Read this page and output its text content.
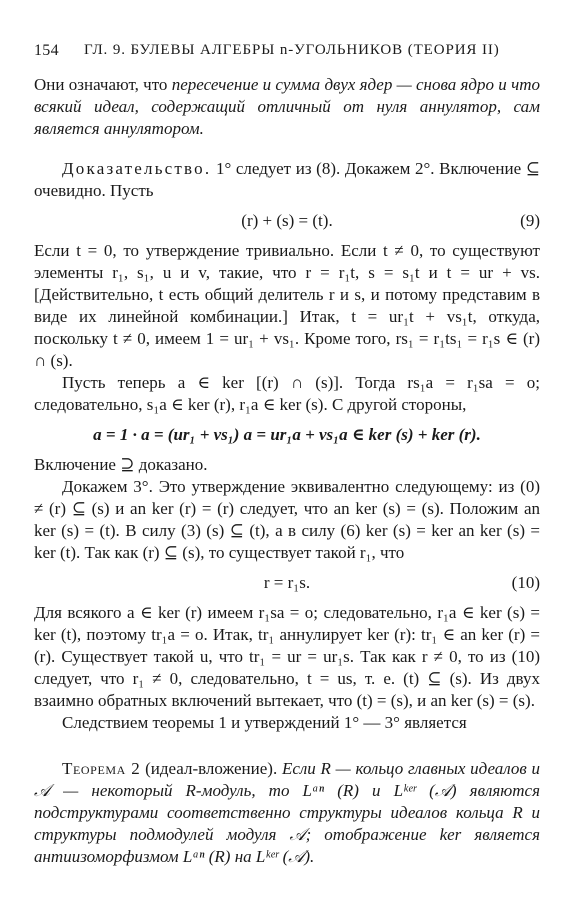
154 ГЛ. 9. БУЛЕВЫ АЛГЕБРЫ n-УГОЛЬНИКОВ (ТЕОРИЯ II)

Они означают, что пересечение и сумма двух ядер — снова ядро и что всякий идеал, содержащий отличный от нуля аннулятор, сам является аннулятором.

Доказательство. 1° следует из (8). Докажем 2°. Включение ⊆ очевидно. Пусть

(r) + (s) = (t).	(9)

Если t = 0, то утверждение тривиально. Если t ≠ 0, то существуют элементы r₁, s₁, u и v, такие, что r = r₁t, s = s₁t и t = ur + vs. [Действительно, t есть общий делитель r и s, и потому представим в виде их линейной комбинации.] Итак, t = ur₁t + vs₁t, откуда, поскольку t ≠ 0, имеем 1 = ur₁ + vs₁. Кроме того, rs₁ = r₁ts₁ = r₁s ∈ (r) ∩ (s).

Пусть теперь a ∈ ker [(r) ∩ (s)]. Тогда rs₁a = r₁sa = o; следовательно, s₁a ∈ ker (r), r₁a ∈ ker (s). С другой стороны,

a = 1 · a = (ur₁ + vs₁) a = ur₁a + vs₁a ∈ ker (s) + ker (r).

Включение ⊇ доказано.

Докажем 3°. Это утверждение эквивалентно следующему: из (0) ≠ (r) ⊆ (s) и an ker (r) = (r) следует, что an ker (s) = (s). Положим an ker (s) = (t). В силу (3) (s) ⊆ (t), а в силу (6) ker (s) = ker an ker (s) = ker (t). Так как (r) ⊆ (s), то существует такой r₁, что

r = r₁s.	(10)

Для всякого a ∈ ker (r) имеем r₁sa = o; следовательно, r₁a ∈ ker (s) = ker (t), поэтому tr₁a = o. Итак, tr₁ аннулирует ker (r): tr₁ ∈ an ker (r) = (r). Существует такой u, что tr₁ = ur = ur₁s. Так как r ≠ 0, то из (10) следует, что r₁ ≠ 0, следовательно, t = us, т. е. (t) ⊆ (s). Из двух взаимно обратных включений вытекает, что (t) = (s), и an ker (s) = (s).

Следствием теоремы 1 и утверждений 1° — 3° является

Теорема 2 (идеал-вложение). Если R — кольцо главных идеалов и 𝒜 — некоторый R-модуль, то Lᵃⁿ (R) и Lᵏᵉʳ (𝒜) являются подструктурами соответственно структуры идеалов кольца R и структуры подмодулей модуля 𝒜; отображение ker является антиизоморфизмом Lᵃⁿ (R) на Lᵏᵉʳ (𝒜).
